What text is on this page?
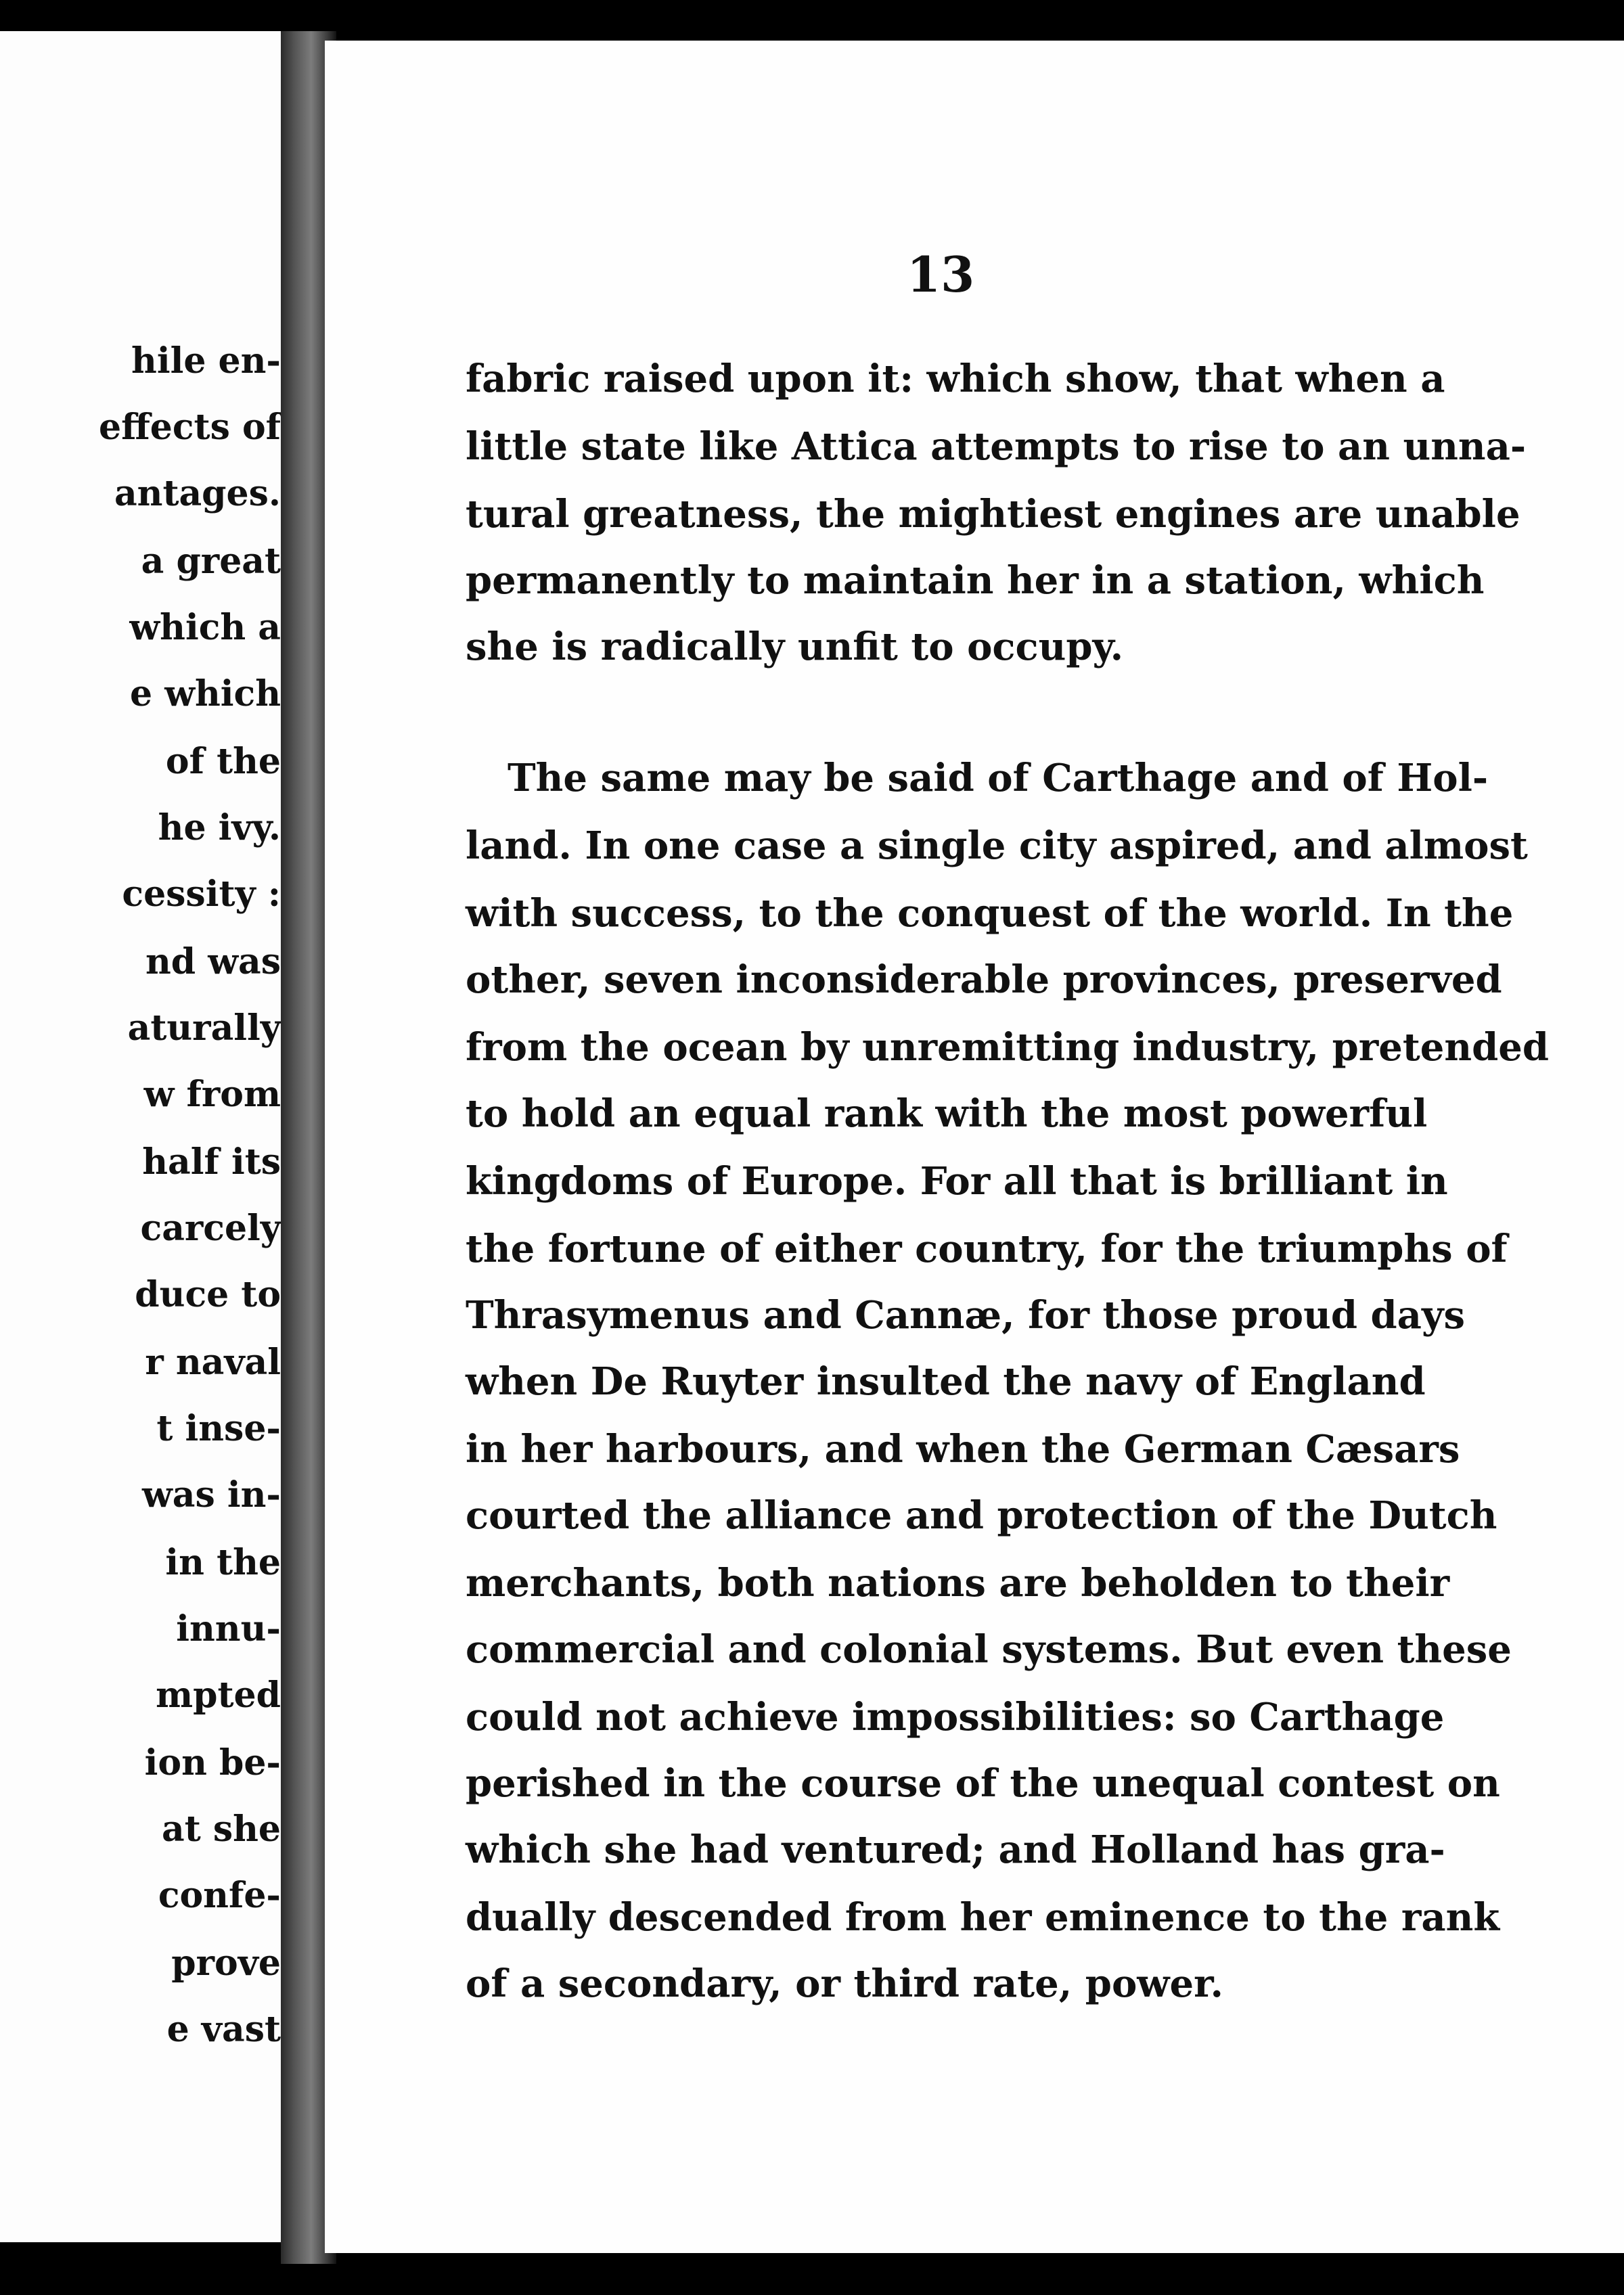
hile en-
effects of
antages.
a great
which a
e which
of the
he ivy.
cessity :
nd was
aturally
w from
half its
carcely
duce to
r naval
t inse-
was in-
in the
innu-
mpted
ion be-
at she
confe-
prove
e vast
13
fabric raised upon it: which show, that when a
little state like Attica attempts to rise to an unna-
tural greatness, the mightiest engines are unable
permanently to maintain her in a station, which
she is radically unfit to occupy.
The same may be said of Carthage and of Hol-
land. In one case a single city aspired, and almost
with success, to the conquest of the world. In the
other, seven inconsiderable provinces, preserved
from the ocean by unremitting industry, pretended
to hold an equal rank with the most powerful
kingdoms of Europe. For all that is brilliant in
the fortune of either country, for the triumphs of
Thrasymenus and Cannæ, for those proud days
when De Ruyter insulted the navy of England
in her harbours, and when the German Cæsars
courted the alliance and protection of the Dutch
merchants, both nations are beholden to their
commercial and colonial systems. But even these
could not achieve impossibilities: so Carthage
perished in the course of the unequal contest on
which she had ventured; and Holland has gra-
dually descended from her eminence to the rank
of a secondary, or third rate, power.
